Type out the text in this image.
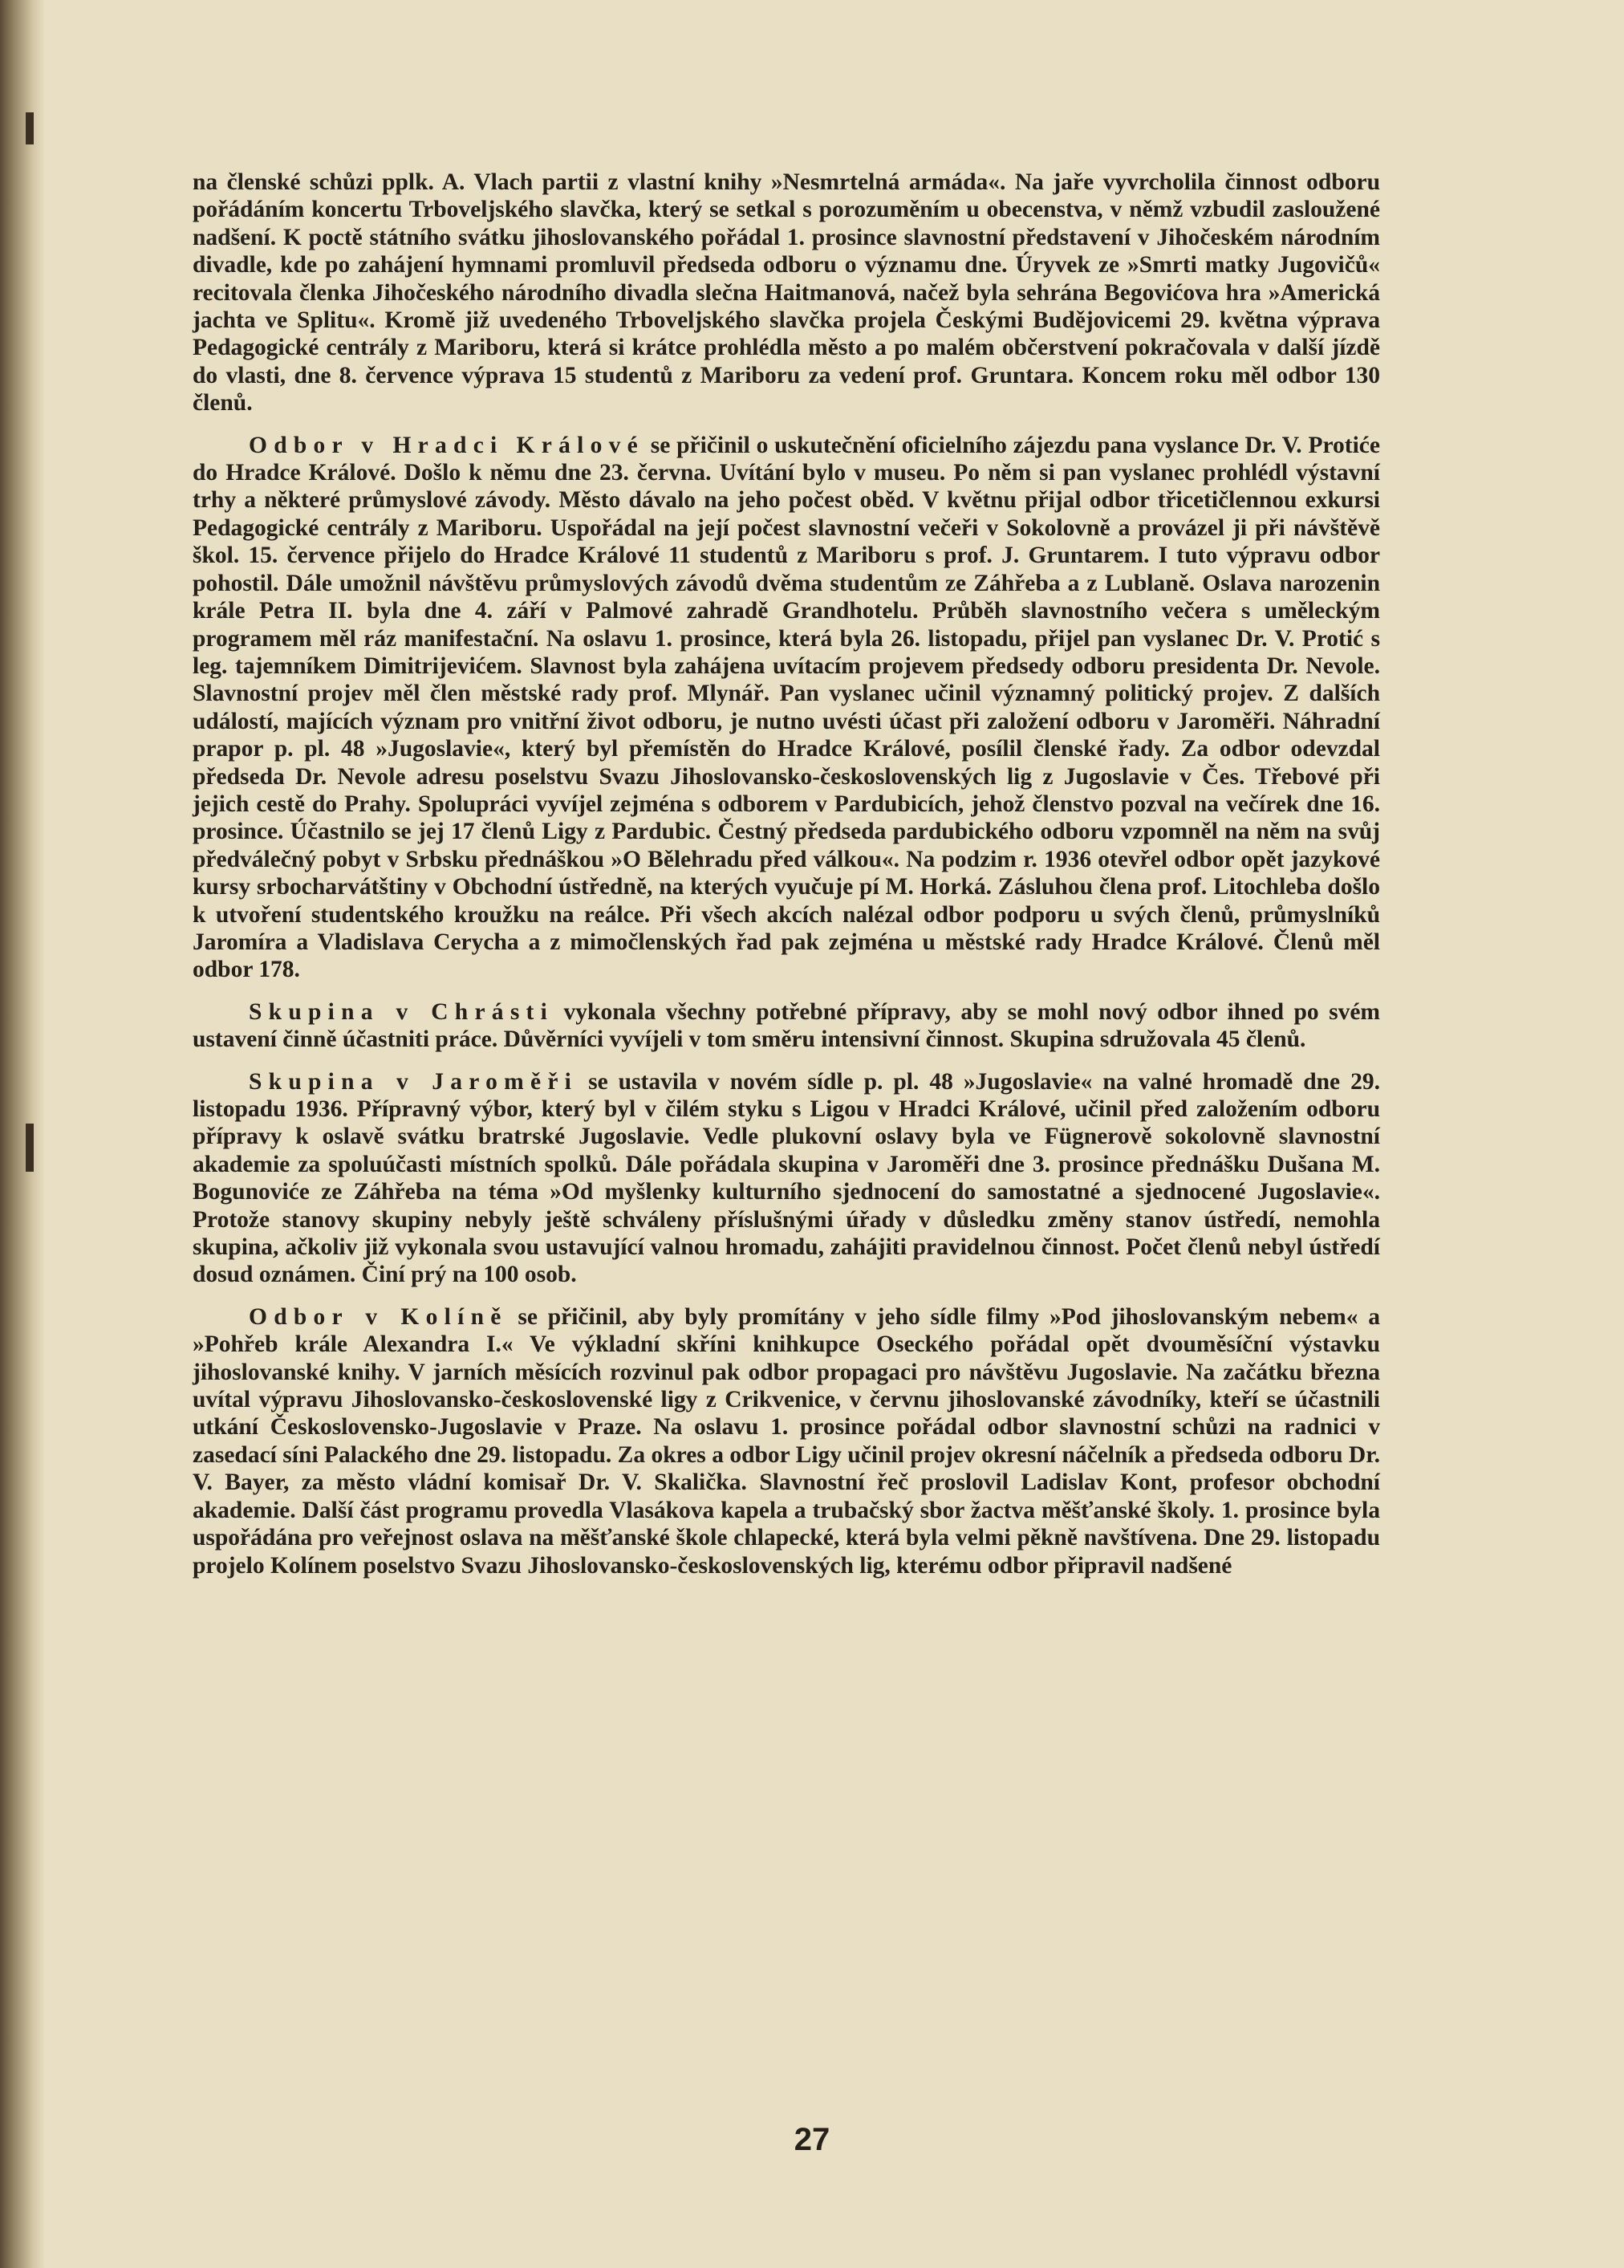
na členské schůzi pplk. A. Vlach partii z vlastní knihy »Nesmrtelná armáda«. Na jaře vyvrcholila činnost odboru pořádáním koncertu Trboveljského slavčka, který se setkal s porozuměním u obecenstva, v němž vzbudil zasloužené nadšení. K poctě státního svátku jihoslovanského pořádal 1. prosince slavnostní představení v Jihočeském národním divadle, kde po zahájení hymnami promluvil předseda odboru o významu dne. Úryvek ze »Smrti matky Jugovičů« recitovala členka Jihočeského národního divadla slečna Haitmanová, načež byla sehrána Begovićova hra »Americká jachta ve Splitu«. Kromě již uvedeného Trboveljského slavčka projela Českými Budějovicemi 29. května výprava Pedagogické centrály z Mariboru, která si krátce prohlédla město a po malém občerstvení pokračovala v další jízdě do vlasti, dne 8. července výprava 15 studentů z Mariboru za vedení prof. Gruntara. Koncem roku měl odbor 130 členů.

Odbor v Hradci Králové se přičinil o uskutečnění oficielního zájezdu pana vyslance Dr. V. Protiće do Hradce Králové. Došlo k němu dne 23. června. Uvítání bylo v museu. Po něm si pan vyslanec prohlédl výstavní trhy a některé průmyslové závody. Město dávalo na jeho počest oběd. V květnu přijal odbor třicetičlennou exkursi Pedagogické centrály z Mariboru. Uspořádal na její počest slavnostní večeři v Sokolovně a provázel ji při návštěvě škol. 15. července přijelo do Hradce Králové 11 studentů z Mariboru s prof. J. Gruntarem. I tuto výpravu odbor pohostil. Dále umožnil návštěvu průmyslových závodů dvěma studentům ze Záhřeba a z Lublaně. Oslava narozenin krále Petra II. byla dne 4. září v Palmové zahradě Grandhotelu. Průběh slavnostního večera s uměleckým programem měl ráz manifestační. Na oslavu 1. prosince, která byla 26. listopadu, přijel pan vyslanec Dr. V. Protić s leg. tajemníkem Dimitrijevićem. Slavnost byla zahájena uvítacím projevem předsedy odboru presidenta Dr. Nevole. Slavnostní projev měl člen městské rady prof. Mlynář. Pan vyslanec učinil významný politický projev. Z dalších událostí, majících význam pro vnitřní život odboru, je nutno uvésti účast při založení odboru v Jaroměři. Náhradní prapor p. pl. 48 »Jugoslavie«, který byl přemístěn do Hradce Králové, posílil členské řady. Za odbor odevzdal předseda Dr. Nevole adresu poselstvu Svazu Jihoslovansko-československých lig z Jugoslavie v Čes. Třebové při jejich cestě do Prahy. Spolupráci vyvíjel zejména s odborem v Pardubicích, jehož členstvo pozval na večírek dne 16. prosince. Účastnilo se jej 17 členů Ligy z Pardubic. Čestný předseda pardubického odboru vzpomněl na něm na svůj předválečný pobyt v Srbsku přednáškou »O Bělehradu před válkou«. Na podzim r. 1936 otevřel odbor opět jazykové kursy srbocharvátštiny v Obchodní ústředně, na kterých vyučuje pí M. Horká. Zásluhou člena prof. Litochleba došlo k utvoření studentského kroužku na reálce. Při všech akcích nalézal odbor podporu u svých členů, průmyslníků Jaromíra a Vladislava Cerycha a z mimočlenských řad pak zejména u městské rady Hradce Králové. Členů měl odbor 178.

Skupina v Chrásti vykonala všechny potřebné přípravy, aby se mohl nový odbor ihned po svém ustavení činně účastniti práce. Důvěrníci vyvíjeli v tom směru intensivní činnost. Skupina sdružovala 45 členů.

Skupina v Jaroměři se ustavila v novém sídle p. pl. 48 »Jugoslavie« na valné hromadě dne 29. listopadu 1936. Přípravný výbor, který byl v čilém styku s Ligou v Hradci Králové, učinil před založením odboru přípravy k oslavě svátku bratrské Jugoslavie. Vedle plukovní oslavy byla ve Fügnerově sokolovně slavnostní akademie za spoluúčasti místních spolků. Dále pořádala skupina v Jaroměři dne 3. prosince přednášku Dušana M. Bogunoviće ze Záhřeba na téma »Od myšlenky kulturního sjednocení do samostatné a sjednocené Jugoslavie«. Protože stanovy skupiny nebyly ještě schváleny příslušnými úřady v důsledku změny stanov ústředí, nemohla skupina, ačkoliv již vykonala svou ustavující valnou hromadu, zahájiti pravidelnou činnost. Počet členů nebyl ústředí dosud oznámen. Činí prý na 100 osob.

Odbor v Kolíně se přičinil, aby byly promítány v jeho sídle filmy »Pod jihoslovanským nebem« a »Pohřeb krále Alexandra I.« Ve výkladní skříni knihkupce Oseckého pořádal opět dvouměsíční výstavku jihoslovanské knihy. V jarních měsících rozvinul pak odbor propagaci pro návštěvu Jugoslavie. Na začátku března uvítal výpravu Jihoslovansko-československé ligy z Crikvenice, v červnu jihoslovanské závodníky, kteří se účastnili utkání Československo-Jugoslavie v Praze. Na oslavu 1. prosince pořádal odbor slavnostní schůzi na radnici v zasedací síni Palackého dne 29. listopadu. Za okres a odbor Ligy učinil projev okresní náčelník a předseda odboru Dr. V. Bayer, za město vládní komisař Dr. V. Skalička. Slavnostní řeč proslovil Ladislav Kont, profesor obchodní akademie. Další část programu provedla Vlasákova kapela a trubačský sbor žactva měšťanské školy. 1. prosince byla uspořádána pro veřejnost oslava na měšťanské škole chlapecké, která byla velmi pěkně navštívena. Dne 29. listopadu projelo Kolínem poselstvo Svazu Jihoslovansko-československých lig, kterému odbor připravil nadšené

27
